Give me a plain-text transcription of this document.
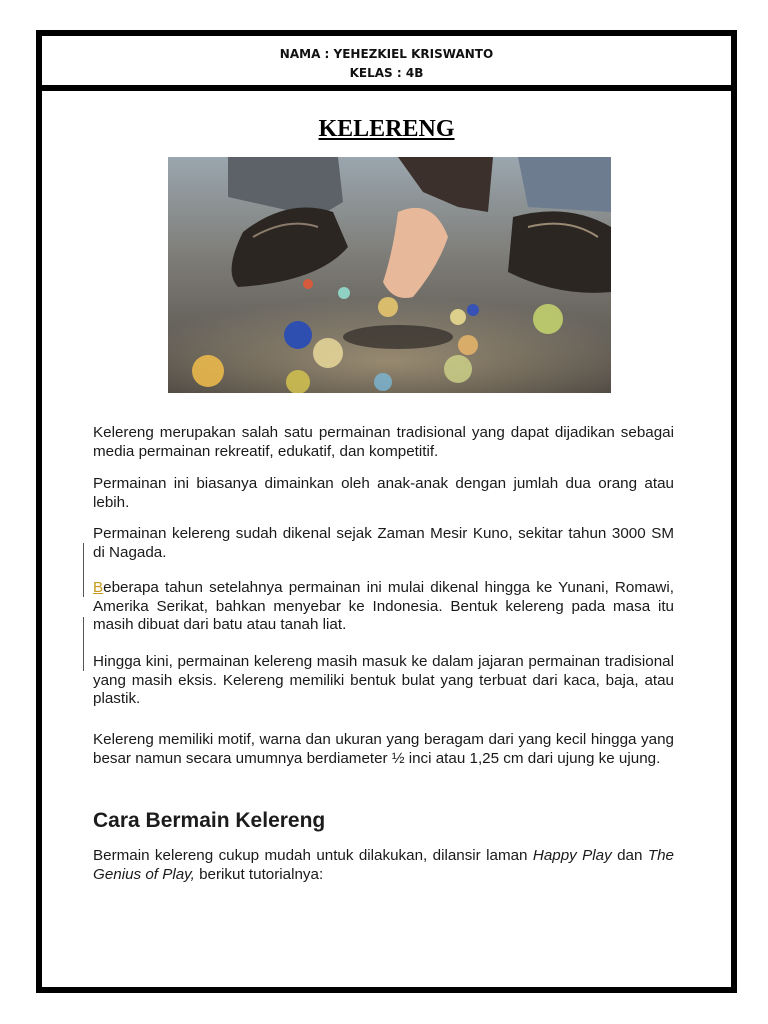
NAMA : YEHEZKIEL KRISWANTO
KELAS : 4B
KELERENG

Kelereng merupakan salah satu permainan tradisional yang dapat dijadikan sebagai media permainan rekreatif, edukatif, dan kompetitif.

Permainan ini biasanya dimainkan oleh anak-anak dengan jumlah dua orang atau lebih.

Permainan kelereng sudah dikenal sejak Zaman Mesir Kuno, sekitar tahun 3000 SM di Nagada.

Beberapa tahun setelahnya permainan ini mulai dikenal hingga ke Yunani, Romawi, Amerika Serikat, bahkan menyebar ke Indonesia. Bentuk kelereng pada masa itu masih dibuat dari batu atau tanah liat.

Hingga kini, permainan kelereng masih masuk ke dalam jajaran permainan tradisional yang masih eksis. Kelereng memiliki bentuk bulat yang terbuat dari kaca, baja, atau plastik.

Kelereng memiliki motif, warna dan ukuran yang beragam dari yang kecil hingga yang besar namun secara umumnya berdiameter ½ inci atau 1,25 cm dari ujung ke ujung.

Cara Bermain Kelereng

Bermain kelereng cukup mudah untuk dilakukan, dilansir laman Happy Play dan The Genius of Play, berikut tutorialnya:
